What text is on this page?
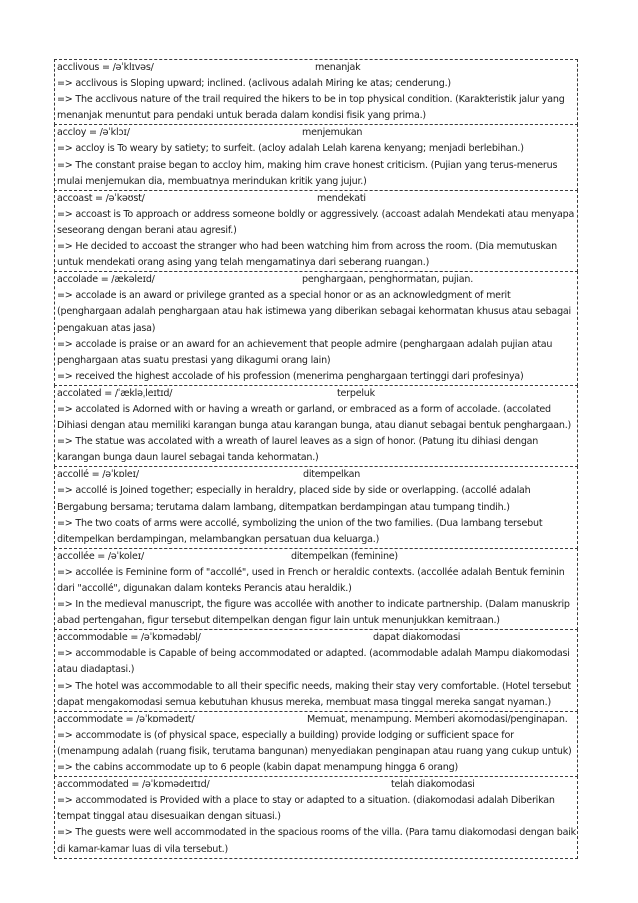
acclivous = /əˈklɪvəs/	menanjak
=> acclivous is Sloping upward; inclined. (aclivous adalah Miring ke atas; cenderung.)
=> The acclivous nature of the trail required the hikers to be in top physical condition. (Karakteristik jalur yang menanjak menuntut para pendaki untuk berada dalam kondisi fisik yang prima.)
accloy = /əˈklɔɪ/	menjemukan
=> accloy is To weary by satiety; to surfeit. (acloy adalah Lelah karena kenyang; menjadi berlebihan.)
=> The constant praise began to accloy him, making him crave honest criticism. (Pujian yang terus-menerus mulai menjemukan dia, membuatnya merindukan kritik yang jujur.)
accoast = /əˈkəʊst/	mendekati
=> accoast is To approach or address someone boldly or aggressively. (accoast adalah Mendekati atau menyapa seseorang dengan berani atau agresif.)
=> He decided to accoast the stranger who had been watching him from across the room. (Dia memutuskan untuk mendekati orang asing yang telah mengamatinya dari seberang ruangan.)
accolade = /ækəleɪd/	penghargaan, penghormatan, pujian.
=> accolade is an award or privilege granted as a special honor or as an acknowledgment of merit (penghargaan adalah penghargaan atau hak istimewa yang diberikan sebagai kehormatan khusus atau sebagai pengakuan atas jasa)
=> accolade is praise or an award for an achievement that people admire (penghargaan adalah pujian atau penghargaan atas suatu prestasi yang dikagumi orang lain)
=> received the highest accolade of his profession (menerima penghargaan tertinggi dari profesinya)
accolated = /ˈækləˌleɪtɪd/	terpeluk
=> accolated is Adorned with or having a wreath or garland, or embraced as a form of accolade. (accolated Dihiasi dengan atau memiliki karangan bunga atau karangan bunga, atau dianut sebagai bentuk penghargaan.)
=> The statue was accolated with a wreath of laurel leaves as a sign of honor. (Patung itu dihiasi dengan karangan bunga daun laurel sebagai tanda kehormatan.)
accollé = /əˈkɒleɪ/	ditempelkan
=> accollé is Joined together; especially in heraldry, placed side by side or overlapping. (accollé adalah Bergabung bersama; terutama dalam lambang, ditempatkan berdampingan atau tumpang tindih.)
=> The two coats of arms were accollé, symbolizing the union of the two families. (Dua lambang tersebut ditempelkan berdampingan, melambangkan persatuan dua keluarga.)
accollée = /əˈkoleɪ/	ditempelkan (feminine)
=> accollée is Feminine form of "accollé", used in French or heraldic contexts. (accollée adalah Bentuk feminin dari "accollé", digunakan dalam konteks Perancis atau heraldik.)
=> In the medieval manuscript, the figure was accollée with another to indicate partnership. (Dalam manuskrip abad pertengahan, figur tersebut ditempelkan dengan figur lain untuk menunjukkan kemitraan.)
accommodable = /əˈkɒmədəbļ/	dapat diakomodasi
=> accommodable is Capable of being accommodated or adapted. (acommodable adalah Mampu diakomodasi atau diadaptasi.)
=> The hotel was accommodable to all their specific needs, making their stay very comfortable. (Hotel tersebut dapat mengakomodasi semua kebutuhan khusus mereka, membuat masa tinggal mereka sangat nyaman.)
accommodate = /əˈkɒmədeɪt/	Memuat, menampung. Memberi akomodasi/penginapan.
=> accommodate is (of physical space, especially a building) provide lodging or sufficient space for (menampung adalah (ruang fisik, terutama bangunan) menyediakan penginapan atau ruang yang cukup untuk)
=> the cabins accommodate up to 6 people (kabin dapat menampung hingga 6 orang)
accommodated = /əˈkɒmədeɪtɪd/	telah diakomodasi
=> accommodated is Provided with a place to stay or adapted to a situation. (diakomodasi adalah Diberikan tempat tinggal atau disesuaikan dengan situasi.)
=> The guests were well accommodated in the spacious rooms of the villa. (Para tamu diakomodasi dengan baik di kamar-kamar luas di vila tersebut.)
